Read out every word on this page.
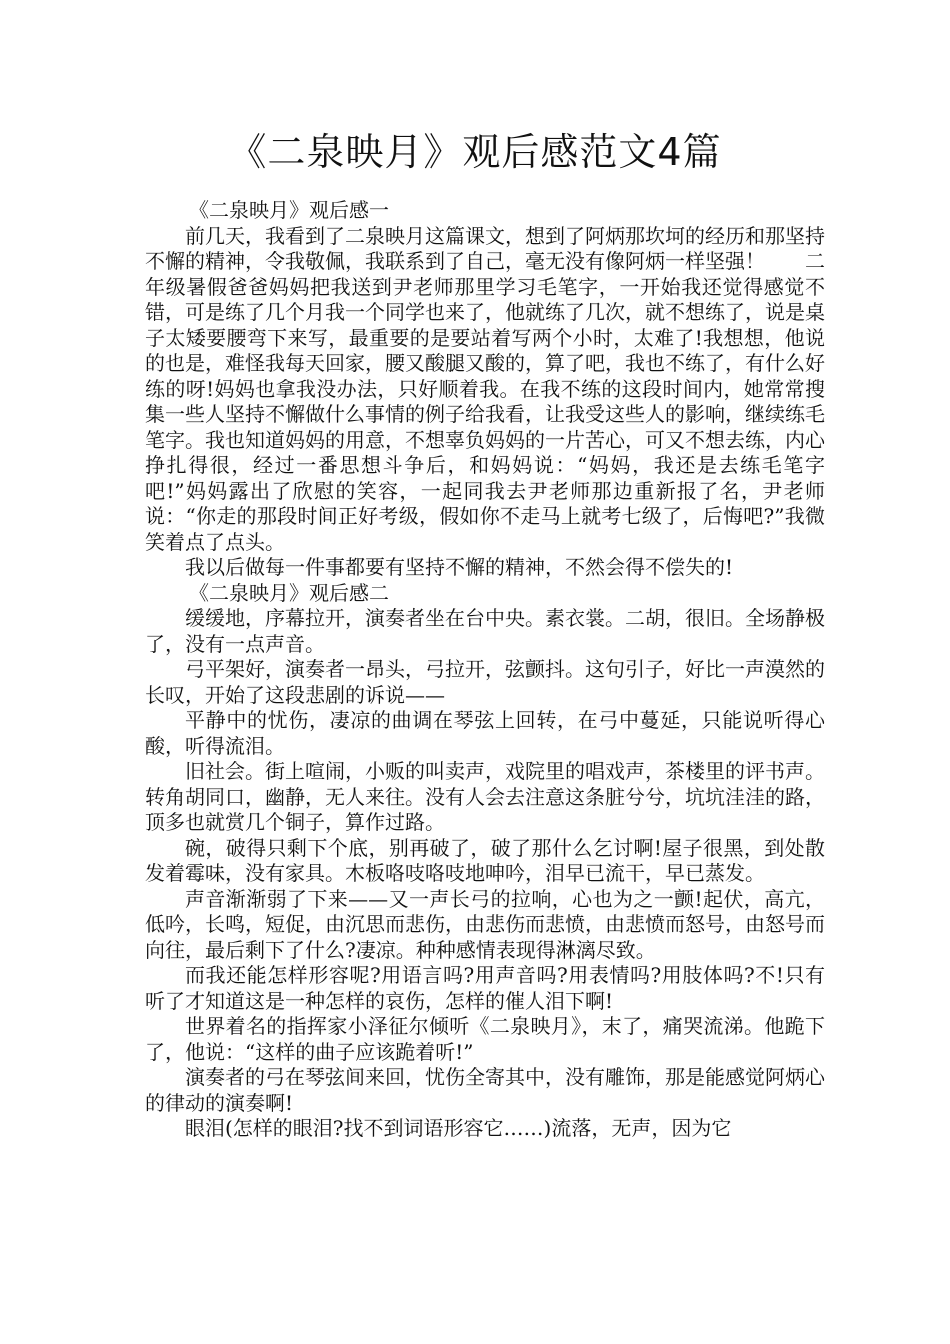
《二泉映月》观后感范文4篇

《二泉映月》观后感一

前几天，我看到了二泉映月这篇课文，想到了阿炳那坎坷的经历和那坚持不懈的精神，令我敬佩，我联系到了自己，毫无没有像阿炳一样坚强！　　二年级暑假爸爸妈妈把我送到尹老师那里学习毛笔字，一开始我还觉得感觉不错，可是练了几个月我一个同学也来了，他就练了几次，就不想练了，说是桌子太矮要腰弯下来写，最重要的是要站着写两个小时，太难了!我想想，他说的也是，难怪我每天回家，腰又酸腿又酸的，算了吧，我也不练了，有什么好练的呀!妈妈也拿我没办法，只好顺着我。在我不练的这段时间内，她常常搜集一些人坚持不懈做什么事情的例子给我看，让我受这些人的影响，继续练毛笔字。我也知道妈妈的用意，不想辜负妈妈的一片苦心，可又不想去练，内心挣扎得很，经过一番思想斗争后，和妈妈说：“妈妈，我还是去练毛笔字吧!”妈妈露出了欣慰的笑容，一起同我去尹老师那边重新报了名，尹老师说：“你走的那段时间正好考级，假如你不走马上就考七级了，后悔吧?”我微笑着点了点头。

我以后做每一件事都要有坚持不懈的精神，不然会得不偿失的!

《二泉映月》观后感二

缓缓地，序幕拉开，演奏者坐在台中央。素衣裳。二胡，很旧。全场静极了，没有一点声音。

弓平架好，演奏者一昂头，弓拉开，弦颤抖。这句引子，好比一声漠然的长叹，开始了这段悲剧的诉说——

平静中的忧伤，凄凉的曲调在琴弦上回转，在弓中蔓延，只能说听得心酸，听得流泪。

旧社会。街上喧闹，小贩的叫卖声，戏院里的唱戏声，茶楼里的评书声。转角胡同口，幽静，无人来往。没有人会去注意这条脏兮兮，坑坑洼洼的路，顶多也就赏几个铜子，算作过路。

碗，破得只剩下个底，别再破了，破了那什么乞讨啊!屋子很黑，到处散发着霉味，没有家具。木板咯吱咯吱地呻吟，泪早已流干，早已蒸发。

声音渐渐弱了下来——又一声长弓的拉响，心也为之一颤!起伏，高亢，低吟，长鸣，短促，由沉思而悲伤，由悲伤而悲愤，由悲愤而怒号，由怒号而向往，最后剩下了什么?凄凉。种种感情表现得淋漓尽致。

而我还能怎样形容呢?用语言吗?用声音吗?用表情吗?用肢体吗?不!只有听了才知道这是一种怎样的哀伤，怎样的催人泪下啊!

世界着名的指挥家小泽征尔倾听《二泉映月》，末了，痛哭流涕。他跪下了，他说：“这样的曲子应该跪着听!”

演奏者的弓在琴弦间来回，忧伤全寄其中，没有雕饰，那是能感觉阿炳心的律动的演奏啊!

眼泪(怎样的眼泪?找不到词语形容它……)流落，无声，因为它
